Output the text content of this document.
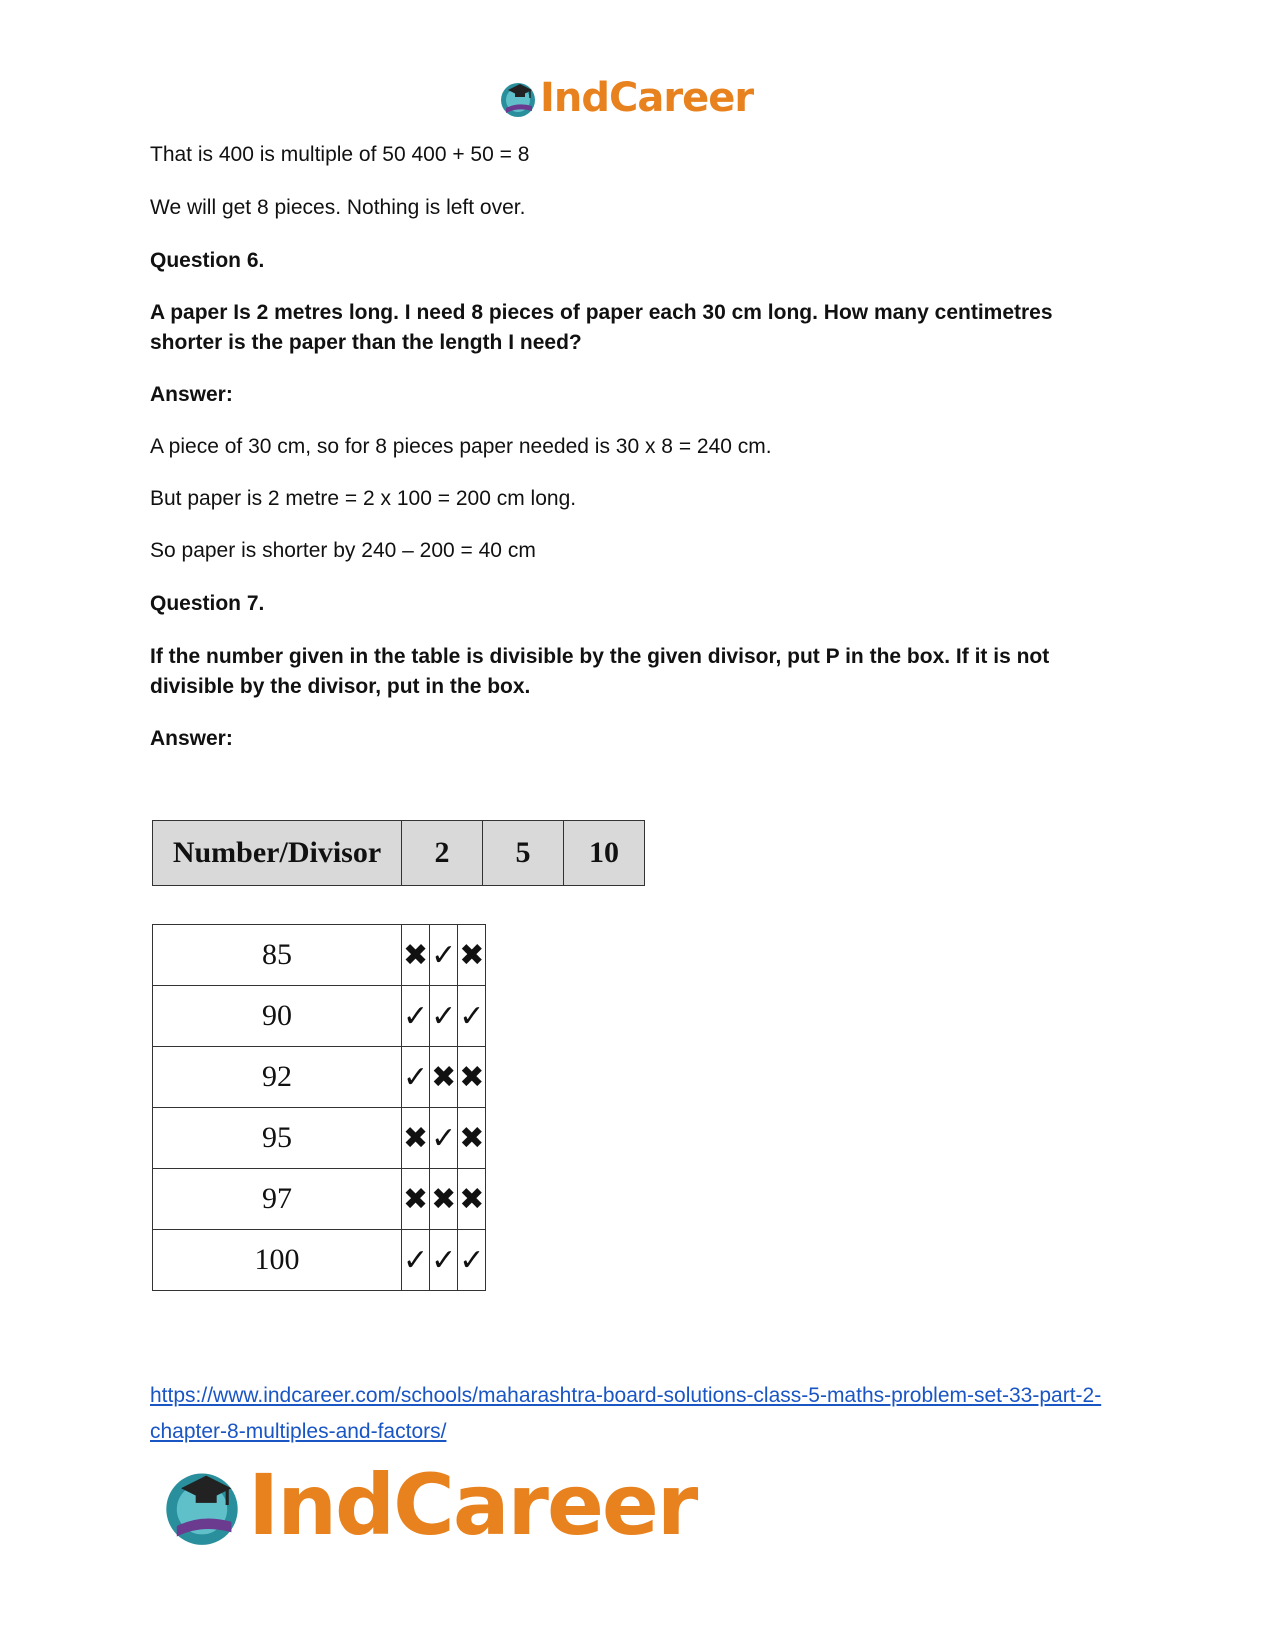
IndCareer
That is 400 is multiple of 50 400 + 50 = 8
We will get 8 pieces. Nothing is left over.
Question 6.
A paper Is 2 metres long. I need 8 pieces of paper each 30 cm long. How many centimetres shorter is the paper than the length I need?
Answer:
A piece of 30 cm, so for 8 pieces paper needed is 30 x 8 = 240 cm.
But paper is 2 metre = 2 x 100 = 200 cm long.
So paper is shorter by 240 – 200 = 40 cm
Question 7.
If the number given in the table is divisible by the given divisor, put P in the box. If it is not divisible by the divisor, put in the box.
Answer:
Number/Divisor	2	5	10
85	✖	✓	✖
90	✓	✓	✓
92	✓	✖	✖
95	✖	✓	✖
97	✖	✖	✖
100	✓	✓	✓
https://www.indcareer.com/schools/maharashtra-board-solutions-class-5-maths-problem-set-33-part-2-chapter-8-multiples-and-factors/
IndCareer
